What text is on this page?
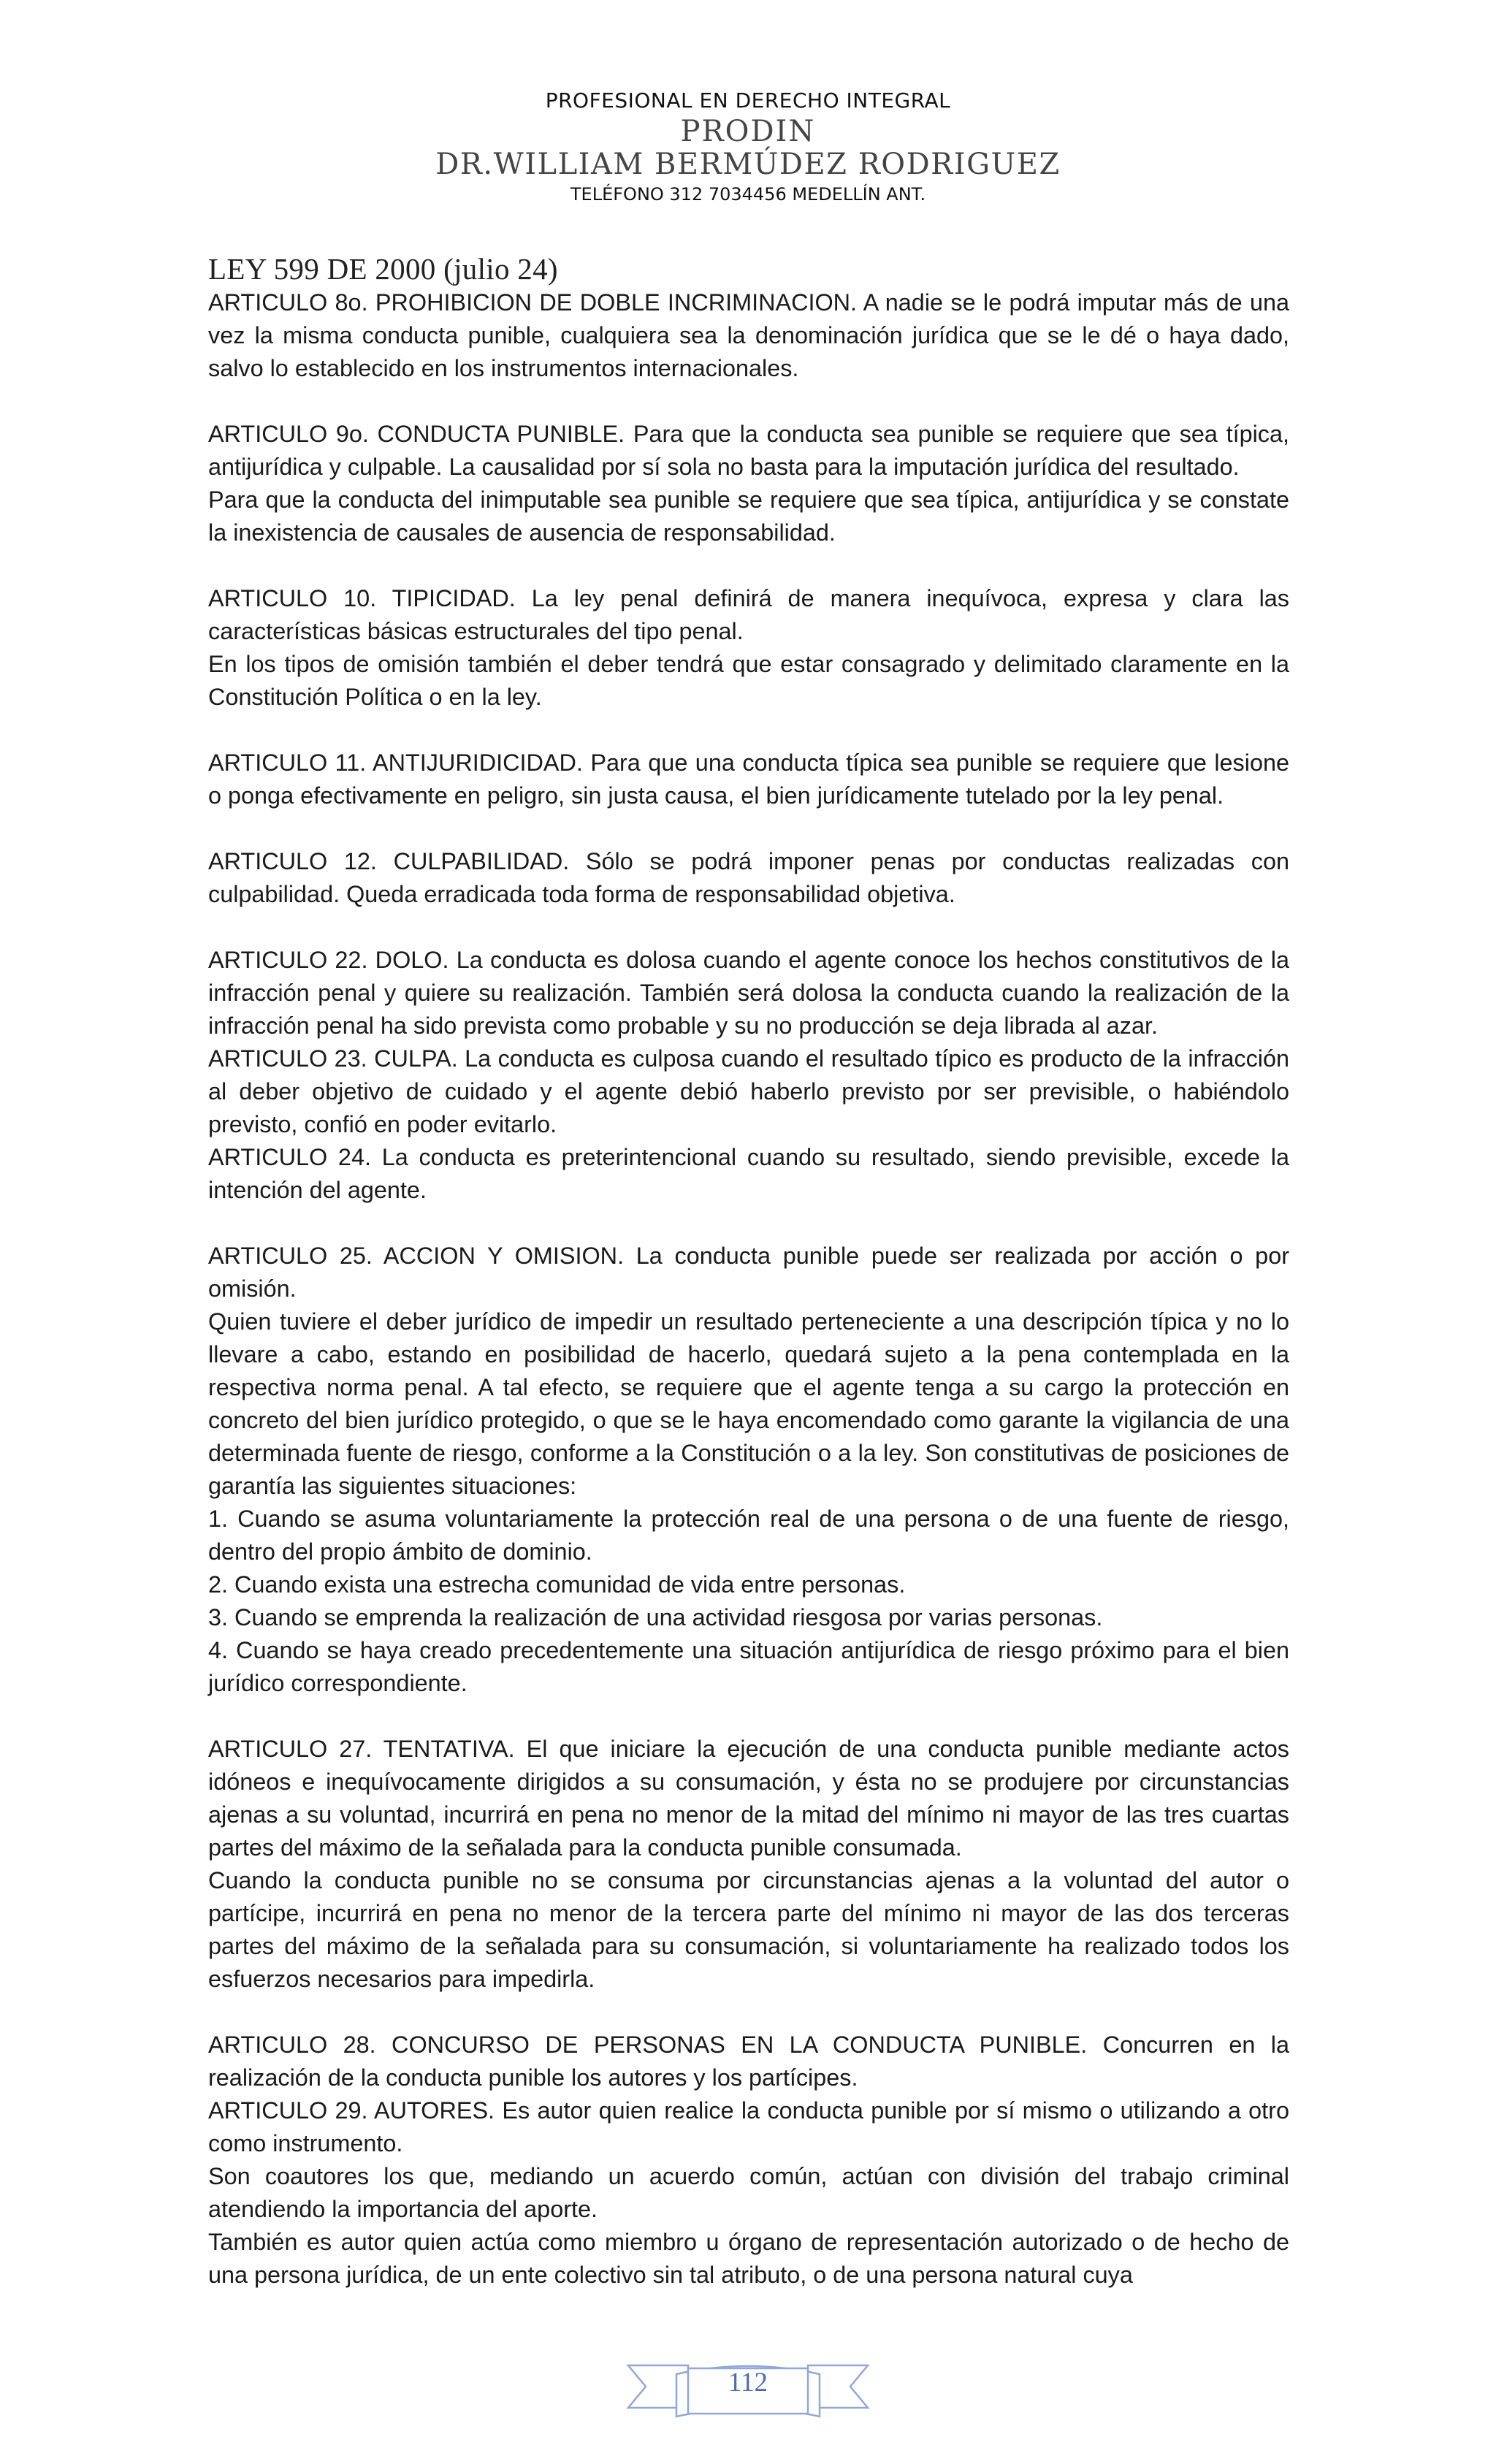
PROFESIONAL EN DERECHO INTEGRAL
PRODIN
DR.WILLIAM BERMÚDEZ RODRIGUEZ
TELÉFONO 312 7034456 MEDELLÍN ANT.
LEY 599 DE 2000 (julio 24)

ARTICULO 8o. PROHIBICION DE DOBLE INCRIMINACION. A nadie se le podrá imputar más de una vez la misma conducta punible, cualquiera sea la denominación jurídica que se le dé o haya dado, salvo lo establecido en los instrumentos internacionales.

ARTICULO 9o. CONDUCTA PUNIBLE. Para que la conducta sea punible se requiere que sea típica, antijurídica y culpable. La causalidad por sí sola no basta para la imputación jurídica del resultado.

Para que la conducta del inimputable sea punible se requiere que sea típica, antijurídica y se constate la inexistencia de causales de ausencia de responsabilidad.

ARTICULO 10. TIPICIDAD. La ley penal definirá de manera inequívoca, expresa y clara las características básicas estructurales del tipo penal.

En los tipos de omisión también el deber tendrá que estar consagrado y delimitado claramente en la Constitución Política o en la ley.

ARTICULO 11. ANTIJURIDICIDAD. Para que una conducta típica sea punible se requiere que lesione o ponga efectivamente en peligro, sin justa causa, el bien jurídicamente tutelado por la ley penal.

ARTICULO 12. CULPABILIDAD. Sólo se podrá imponer penas por conductas realizadas con culpabilidad. Queda erradicada toda forma de responsabilidad objetiva.

ARTICULO 22. DOLO. La conducta es dolosa cuando el agente conoce los hechos constitutivos de la infracción penal y quiere su realización. También será dolosa la conducta cuando la realización de la infracción penal ha sido prevista como probable y su no producción se deja librada al azar.

ARTICULO 23. CULPA. La conducta es culposa cuando el resultado típico es producto de la infracción al deber objetivo de cuidado y el agente debió haberlo previsto por ser previsible, o habiéndolo previsto, confió en poder evitarlo.

ARTICULO 24. La conducta es preterintencional cuando su resultado, siendo previsible, excede la intención del agente.

ARTICULO 25. ACCION Y OMISION. La conducta punible puede ser realizada por acción o por omisión.

Quien tuviere el deber jurídico de impedir un resultado perteneciente a una descripción típica y no lo llevare a cabo, estando en posibilidad de hacerlo, quedará sujeto a la pena contemplada en la respectiva norma penal. A tal efecto, se requiere que el agente tenga a su cargo la protección en concreto del bien jurídico protegido, o que se le haya encomendado como garante la vigilancia de una determinada fuente de riesgo, conforme a la Constitución o a la ley. Son constitutivas de posiciones de garantía las siguientes situaciones:

1. Cuando se asuma voluntariamente la protección real de una persona o de una fuente de riesgo, dentro del propio ámbito de dominio.

2. Cuando exista una estrecha comunidad de vida entre personas.

3. Cuando se emprenda la realización de una actividad riesgosa por varias personas.

4. Cuando se haya creado precedentemente una situación antijurídica de riesgo próximo para el bien jurídico correspondiente.

ARTICULO 27. TENTATIVA. El que iniciare la ejecución de una conducta punible mediante actos idóneos e inequívocamente dirigidos a su consumación, y ésta no se produjere por circunstancias ajenas a su voluntad, incurrirá en pena no menor de la mitad del mínimo ni mayor de las tres cuartas partes del máximo de la señalada para la conducta punible consumada.

Cuando la conducta punible no se consuma por circunstancias ajenas a la voluntad del autor o partícipe, incurrirá en pena no menor de la tercera parte del mínimo ni mayor de las dos terceras partes del máximo de la señalada para su consumación, si voluntariamente ha realizado todos los esfuerzos necesarios para impedirla.

ARTICULO 28. CONCURSO DE PERSONAS EN LA CONDUCTA PUNIBLE. Concurren en la realización de la conducta punible los autores y los partícipes.

ARTICULO 29. AUTORES. Es autor quien realice la conducta punible por sí mismo o utilizando a otro como instrumento.

Son coautores los que, mediando un acuerdo común, actúan con división del trabajo criminal atendiendo la importancia del aporte.

También es autor quien actúa como miembro u órgano de representación autorizado o de hecho de una persona jurídica, de un ente colectivo sin tal atributo, o de una persona natural cuya

112
